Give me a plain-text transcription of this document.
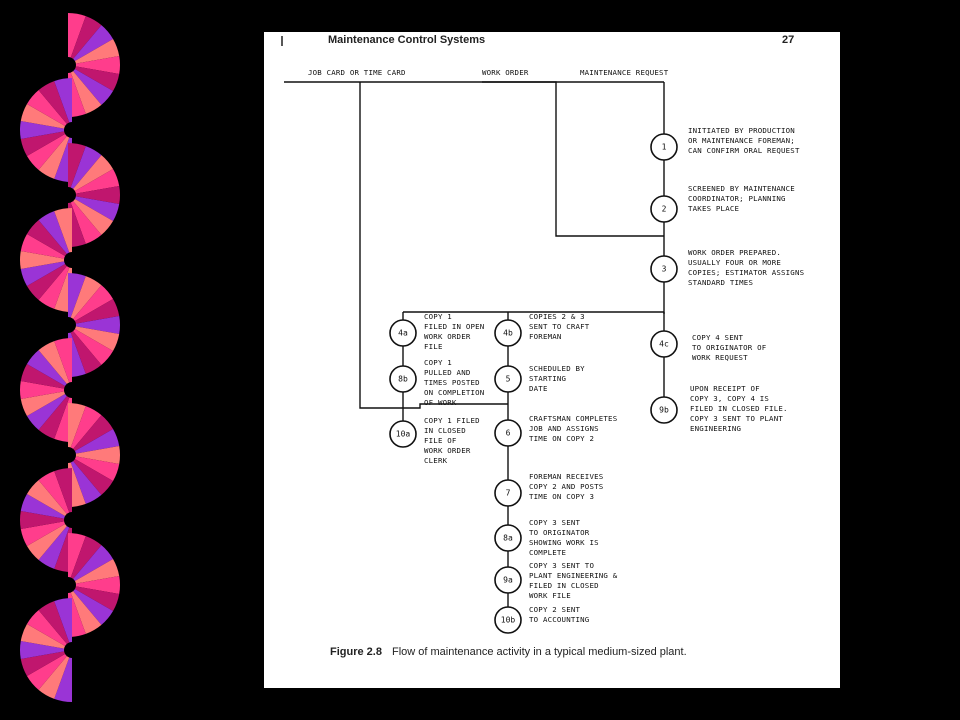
Maintenance Control Systems	27
1
2
3
4a	4b
4c
8b	5
9b
10a	6
7
8a
9a
10b
INITIATED BY PRODUCTION
OR MAINTENANCE FOREMAN;
CAN CONFIRM ORAL REQUEST
SCREENED BY MAINTENANCE
COORDINATOR; PLANNING
TAKES PLACE
WORK ORDER PREPARED.
USUALLY FOUR OR MORE
COPIES; ESTIMATOR ASSIGNS
STANDARD TIMES
COPY 1
FILED IN OPEN
WORK ORDER
FILE
COPIES 2 & 3
SENT TO CRAFT
FOREMAN	COPY 4 SENT
TO ORIGINATOR OF
WORK REQUEST
COPY 1
PULLED AND
TIMES POSTED
ON COMPLETION
OF WORK
SCHEDULED BY
STARTING
DATE	UPON RECEIPT OF
COPY 3, COPY 4 IS
FILED IN CLOSED FILE.
COPY 3 SENT TO PLANT
ENGINEERING
COPY 1 FILED
IN CLOSED
FILE OF
WORK ORDER
CLERK
CRAFTSMAN COMPLETES
JOB AND ASSIGNS
TIME ON COPY 2
FOREMAN RECEIVES
COPY 2 AND POSTS
TIME ON COPY 3
COPY 3 SENT
TO ORIGINATOR
SHOWING WORK IS
COMPLETE
COPY 3 SENT TO
PLANT ENGINEERING &
FILED IN CLOSED
WORK FILE
COPY 2 SENT
TO ACCOUNTING
JOB CARD OR TIME CARD	WORK ORDER	MAINTENANCE REQUEST
Figure 2.8 Flow of maintenance activity in a typical medium-sized plant.
